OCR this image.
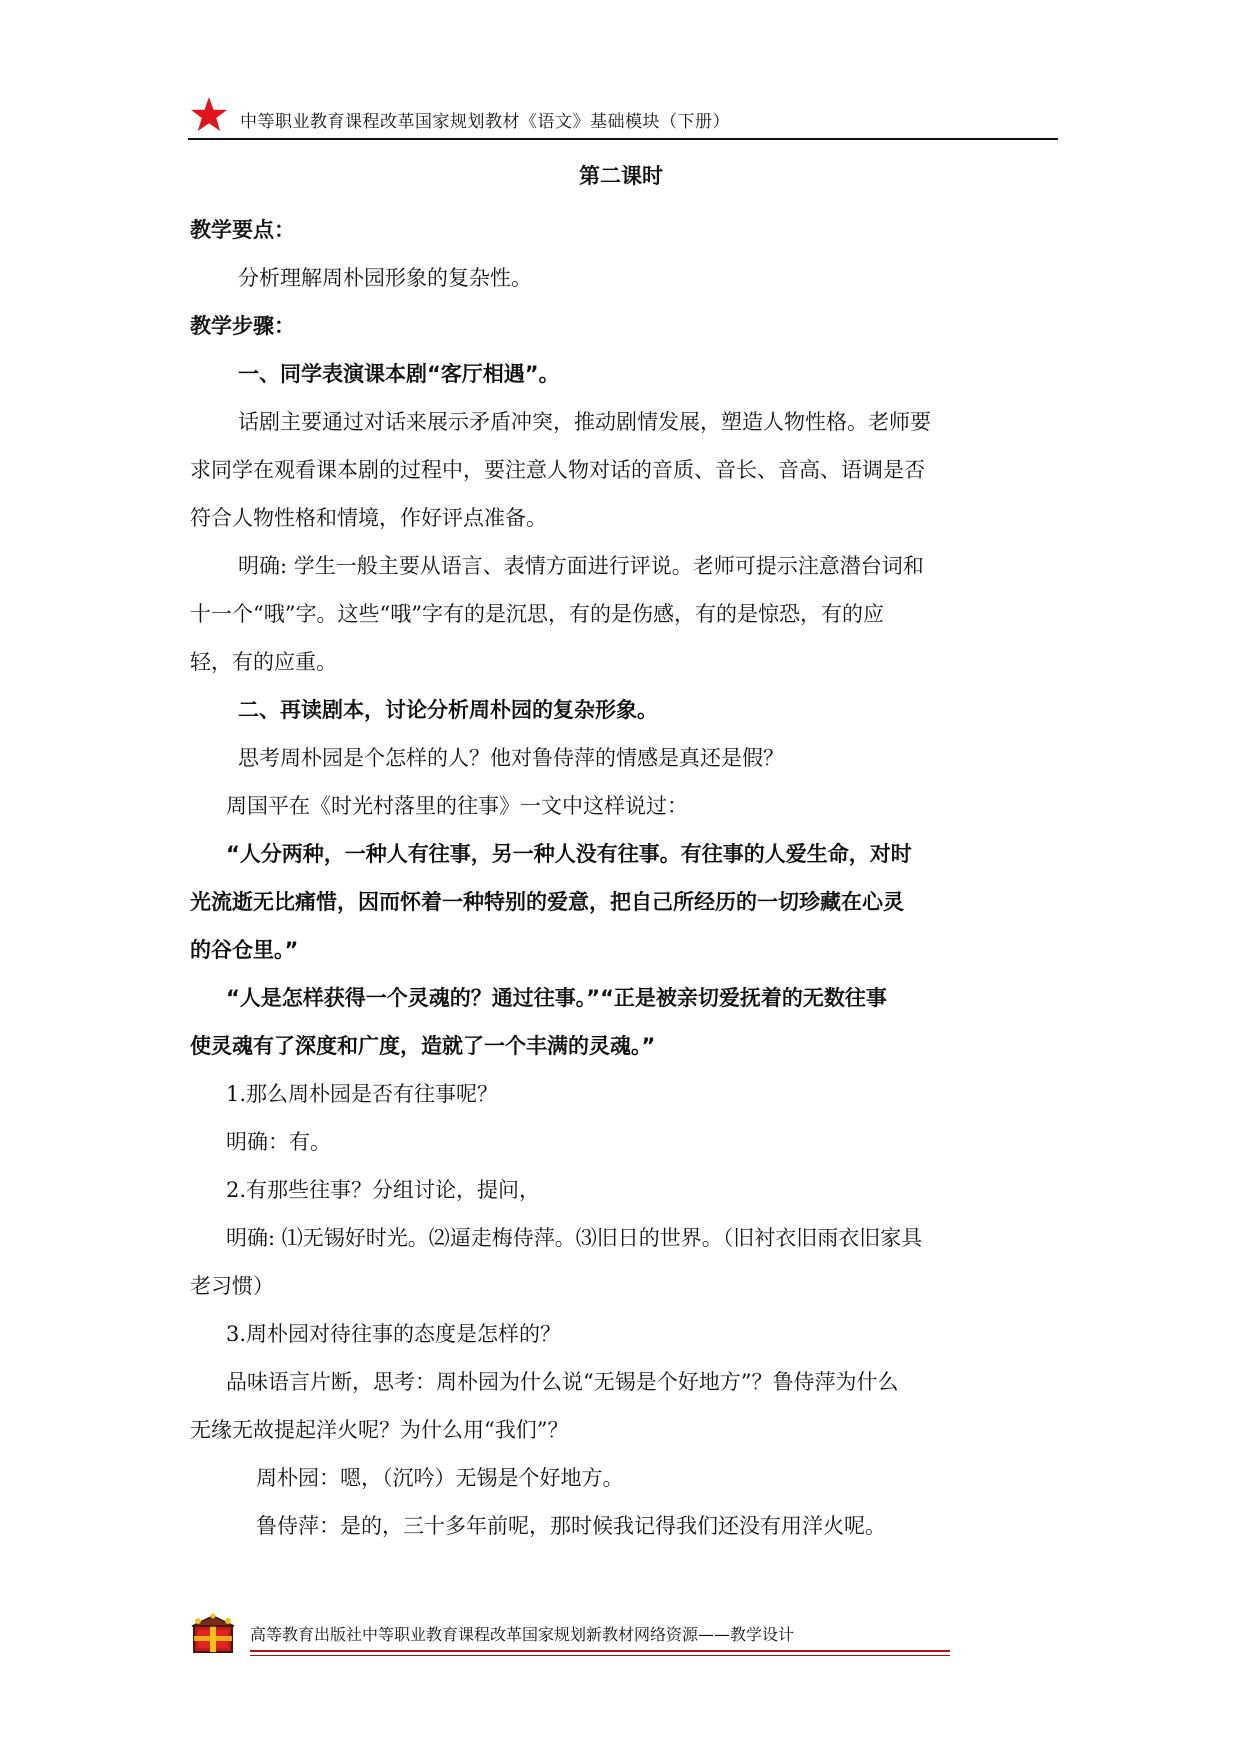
中等职业教育课程改革国家规划教材《语文》基础模块（下册）
第二课时

教学要点：

分析理解周朴园形象的复杂性。

教学步骤：

一、同学表演课本剧“客厅相遇”。

话剧主要通过对话来展示矛盾冲突，推动剧情发展，塑造人物性格。老师要

求同学在观看课本剧的过程中，要注意人物对话的音质、音长、音高、语调是否

符合人物性格和情境，作好评点准备。

明确: 学生一般主要从语言、表情方面进行评说。老师可提示注意潜台词和

十一个“哦”字。这些“哦”字有的是沉思，有的是伤感，有的是惊恐，有的应

轻，有的应重。

二、再读剧本，讨论分析周朴园的复杂形象。

思考周朴园是个怎样的人？他对鲁侍萍的情感是真还是假？

周国平在《时光村落里的往事》一文中这样说过：

“人分两种，一种人有往事，另一种人没有往事。有往事的人爱生命，对时

光流逝无比痛惜，因而怀着一种特别的爱意，把自己所经历的一切珍藏在心灵

的谷仓里。”

“人是怎样获得一个灵魂的？通过往事。”“正是被亲切爱抚着的无数往事

使灵魂有了深度和广度，造就了一个丰满的灵魂。”

1.那么周朴园是否有往事呢？

明确：有。

2.有那些往事？分组讨论，提问，

明确: ⑴无锡好时光。⑵逼走梅侍萍。⑶旧日的世界。（旧衬衣旧雨衣旧家具

老习惯）

3.周朴园对待往事的态度是怎样的？

品味语言片断，思考：周朴园为什么说“无锡是个好地方”？鲁侍萍为什么

无缘无故提起洋火呢？为什么用“我们”？

周朴园：嗯，（沉吟）无锡是个好地方。

鲁侍萍：是的，三十多年前呢，那时候我记得我们还没有用洋火呢。

高等教育出版社中等职业教育课程改革国家规划新教材网络资源——教学设计
